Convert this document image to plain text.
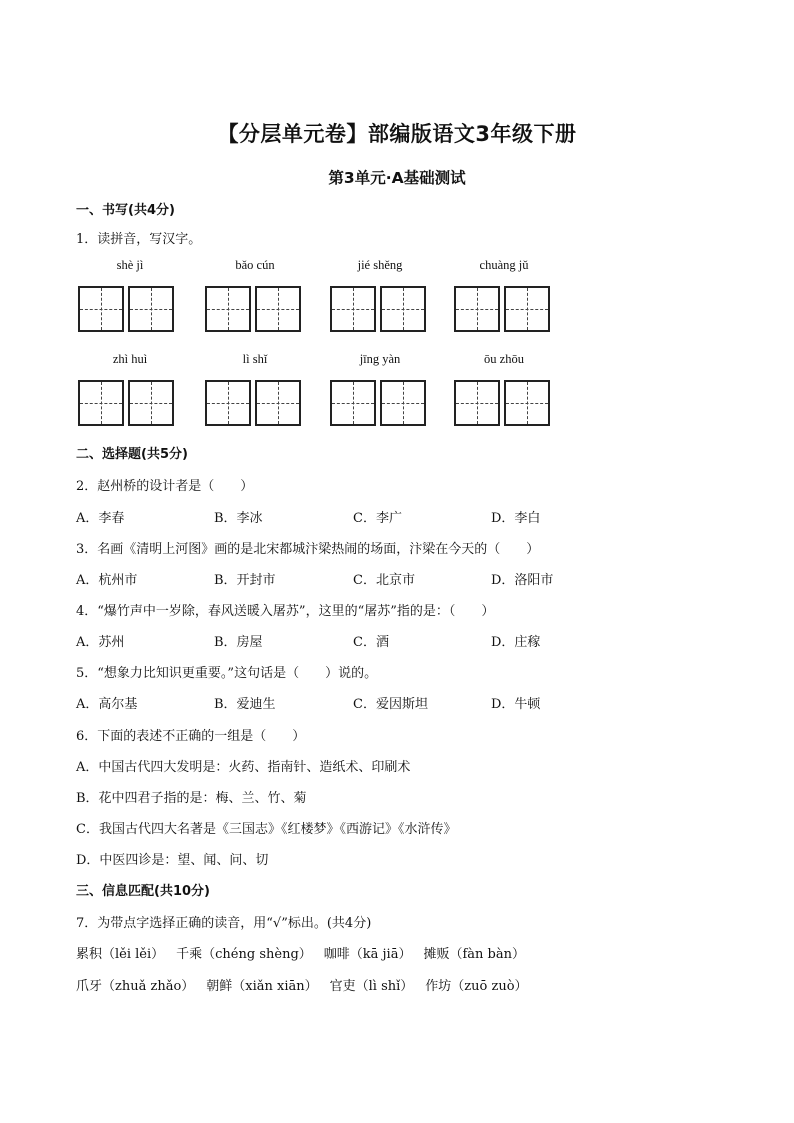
【分层单元卷】部编版语文3年级下册
第3单元·A基础测试
一、书写(共4分)
1．读拼音，写汉字。
shè jì	bǎo cún	jié shěng	chuàng jǔ
zhì huì	lì shǐ	jīng yàn	ōu zhōu
二、选择题(共5分)
2．赵州桥的设计者是（　　）
A．李春	B．李冰	C．李广	D．李白
3．名画《清明上河图》画的是北宋都城汴梁热闹的场面，汴梁在今天的（　　）
A．杭州市	B．开封市	C．北京市	D．洛阳市
4．“爆竹声中一岁除，春风送暖入屠苏”，这里的“屠苏”指的是：（　　）
A．苏州	B．房屋	C．酒	D．庄稼
5．“想象力比知识更重要。”这句话是（　　）说的。
A．高尔基	B．爱迪生	C．爱因斯坦	D．牛顿
6．下面的表述不正确的一组是（　　）
A．中国古代四大发明是：火药、指南针、造纸术、印刷术
B．花中四君子指的是：梅、兰、竹、菊
C．我国古代四大名著是《三国志》《红楼梦》《西游记》《水浒传》
D．中医四诊是：望、闻、问、切
三、信息匹配(共10分)
7．为带点字选择正确的读音，用“√”标出。(共4分)
累积（lěi lěi） 千乘（chéng shèng） 咖啡（kā jiā） 摊贩（fàn bàn）
爪牙（zhuǎ zhǎo） 朝鲜（xiǎn xiān） 官吏（lì shǐ） 作坊（zuō zuò）
